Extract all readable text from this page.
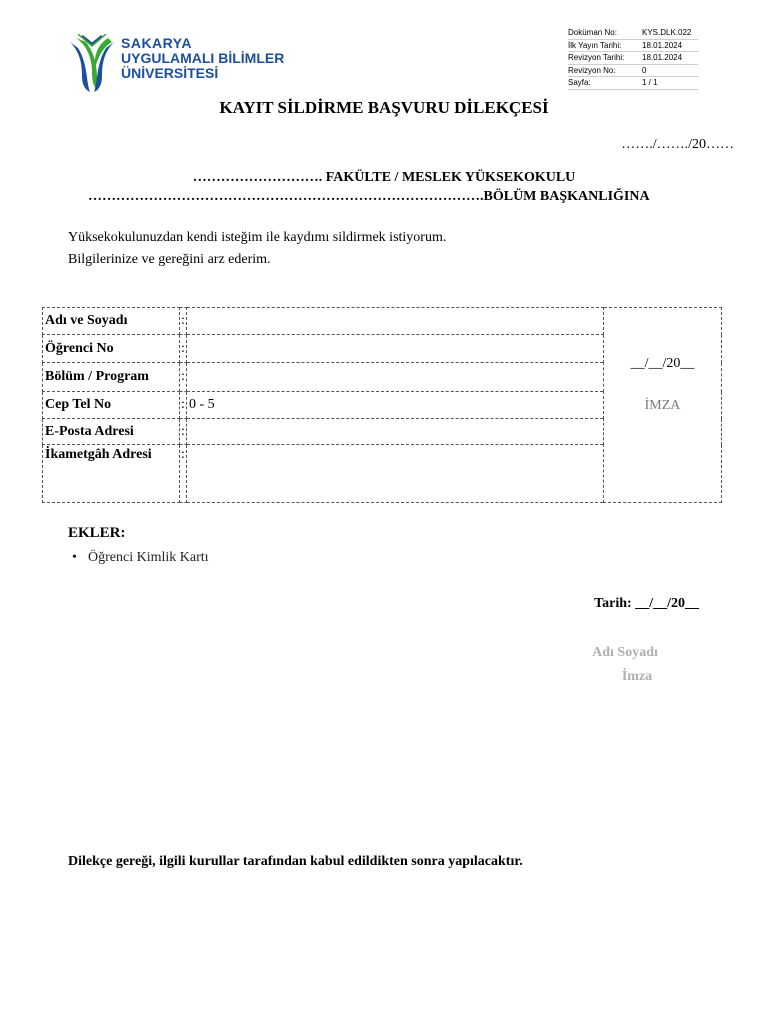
SAKARYA
UYGULAMALI BİLİMLER
ÜNİVERSİTESİ
Doküman No:	KYS.DLK.022
İlk Yayın Tarihi:	18.01.2024
Revizyon Tarihi:	18.01.2024
Revizyon No:	0
Sayfa:	1 / 1
KAYIT SİLDİRME BAŞVURU DİLEKÇESİ
……./……./20……
………………………. FAKÜLTE / MESLEK YÜKSEKOKULU
………………………………………………………………………….BÖLÜM BAŞKANLIĞINA
Yüksekokulunuzdan kendi isteğim ile kaydımı sildirmek istiyorum.
Bilgilerinize ve gereğini arz ederim.
Adı ve Soyadı	:		__/__/20__
İMZA

Öğrenci No	:		
Bölüm / Program	:		
Cep Tel No	:	0 - 5	
E-Posta Adresi	:		
İkametgâh Adresi	:		
EKLER:
• Öğrenci Kimlik Kartı
Tarih: __/__/20__
Adı Soyadı
İmza
Dilekçe gereği, ilgili kurullar tarafından kabul edildikten sonra yapılacaktır.
